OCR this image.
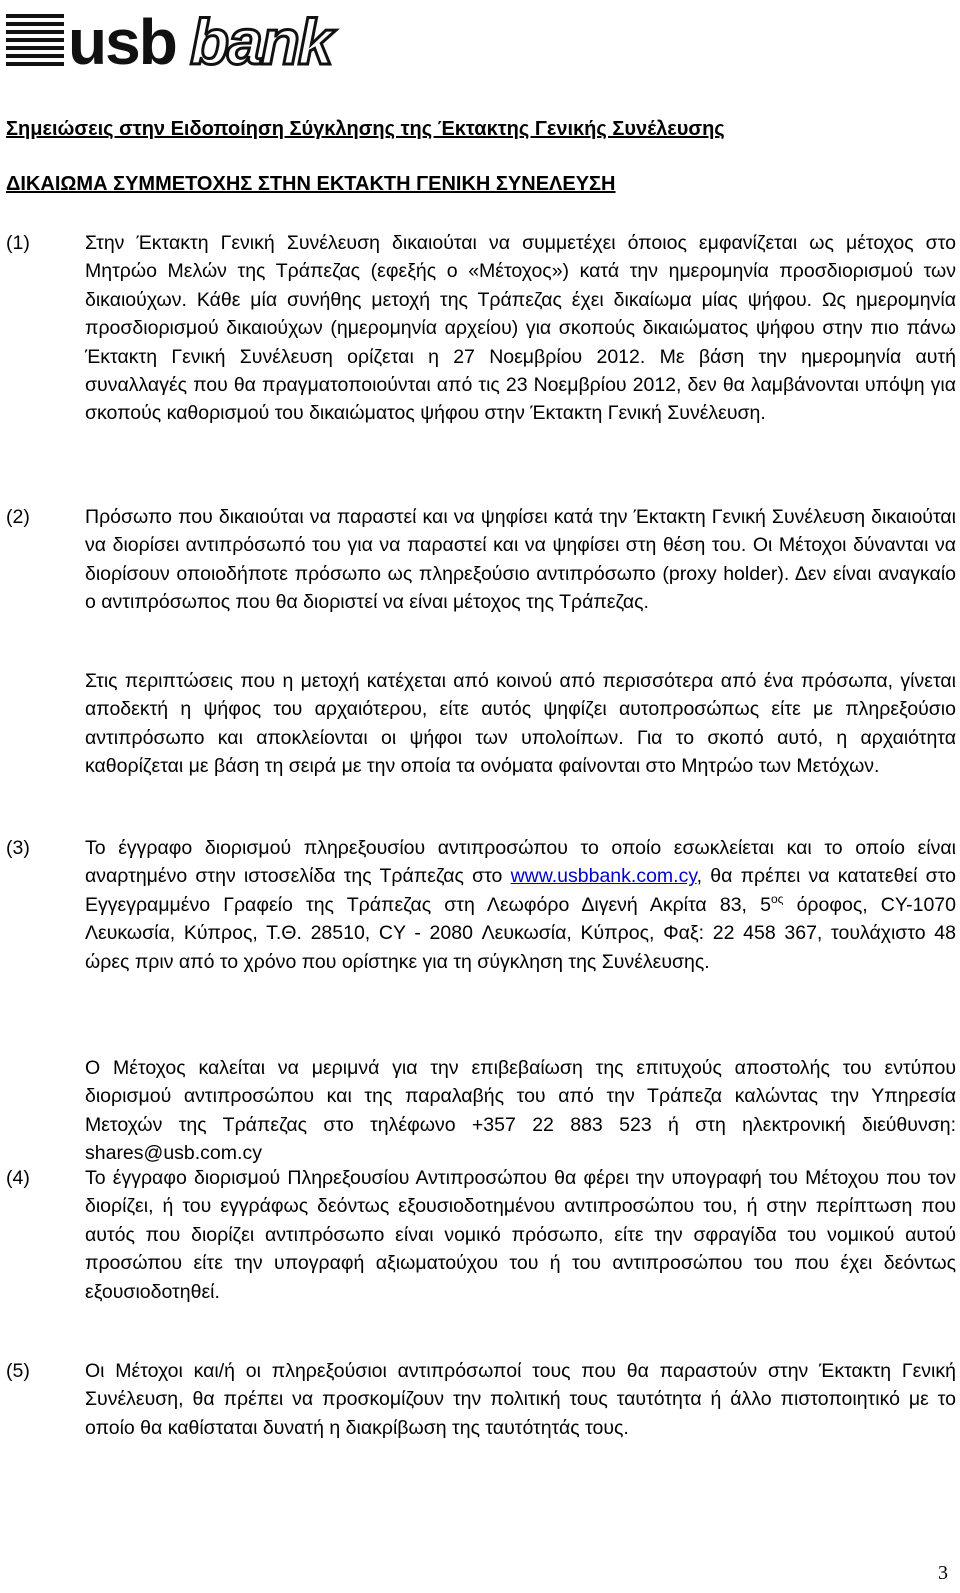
usb bank
Σημειώσεις στην Ειδοποίηση Σύγκλησης της Έκτακτης Γενικής Συνέλευσης
ΔΙΚΑΙΩΜΑ ΣΥΜΜΕΤΟΧΗΣ ΣΤΗΝ ΕΚΤΑΚΤΗ ΓΕΝΙΚΗ ΣΥΝΕΛΕΥΣΗ
(1)	Στην Έκτακτη Γενική Συνέλευση δικαιούται να συμμετέχει όποιος εμφανίζεται ως μέτοχος στο Μητρώο Μελών της Τράπεζας (εφεξής ο «Μέτοχος») κατά την ημερομηνία προσδιορισμού των δικαιούχων. Κάθε μία συνήθης μετοχή της Τράπεζας έχει δικαίωμα μίας ψήφου. Ως ημερομηνία προσδιορισμού δικαιούχων (ημερομηνία αρχείου) για σκοπούς δικαιώματος ψήφου στην πιο πάνω Έκτακτη Γενική Συνέλευση ορίζεται η 27 Νοεμβρίου 2012. Με βάση την ημερομηνία αυτή συναλλαγές που θα πραγματοποιούνται από τις 23 Νοεμβρίου 2012, δεν θα λαμβάνονται υπόψη για σκοπούς καθορισμού του δικαιώματος ψήφου στην Έκτακτη Γενική Συνέλευση.
(2)	Πρόσωπο που δικαιούται να παραστεί και να ψηφίσει κατά την Έκτακτη Γενική Συνέλευση δικαιούται να διορίσει αντιπρόσωπό του για να παραστεί και να ψηφίσει στη θέση του. Οι Μέτοχοι δύνανται να διορίσουν οποιοδήποτε πρόσωπο ως πληρεξούσιο αντιπρόσωπο (proxy holder). Δεν είναι αναγκαίο ο αντιπρόσωπος που θα διοριστεί να είναι μέτοχος της Τράπεζας.
Στις περιπτώσεις που η μετοχή κατέχεται από κοινού από περισσότερα από ένα πρόσωπα, γίνεται αποδεκτή η ψήφος του αρχαιότερου, είτε αυτός ψηφίζει αυτοπροσώπως είτε με πληρεξούσιο αντιπρόσωπο και αποκλείονται οι ψήφοι των υπολοίπων. Για το σκοπό αυτό, η αρχαιότητα καθορίζεται με βάση τη σειρά με την οποία τα ονόματα φαίνονται στο Μητρώο των Μετόχων.
(3)	Το έγγραφο διορισμού πληρεξουσίου αντιπροσώπου το οποίο εσωκλείεται και το οποίο είναι αναρτημένο στην ιστοσελίδα της Τράπεζας στο www.usbbank.com.cy, θα πρέπει να κατατεθεί στο Εγγεγραμμένο Γραφείο της Τράπεζας στη Λεωφόρο Διγενή Ακρίτα 83, $5^{o\varsigma}$ όροφος, CY-1070 Λευκωσία, Κύπρος, Τ.Θ. 28510, CY - 2080 Λευκωσία, Κύπρος, Φαξ: 22 458 367, τουλάχιστο 48 ώρες πριν από το χρόνο που ορίστηκε για τη σύγκληση της Συνέλευσης.
Ο Μέτοχος καλείται να μεριμνά για την επιβεβαίωση της επιτυχούς αποστολής του εντύπου διορισμού αντιπροσώπου και της παραλαβής του από την Τράπεζα καλώντας την Υπηρεσία Μετοχών της Τράπεζας στο τηλέφωνο +357 22 883 523 ή στη ηλεκτρονική διεύθυνση: shares@usb.com.cy
(4)	Το έγγραφο διορισμού Πληρεξουσίου Αντιπροσώπου θα φέρει την υπογραφή του Μέτοχου που τον διορίζει, ή του εγγράφως δεόντως εξουσιοδοτημένου αντιπροσώπου του, ή στην περίπτωση που αυτός που διορίζει αντιπρόσωπο είναι νομικό πρόσωπο, είτε την σφραγίδα του νομικού αυτού προσώπου είτε την υπογραφή αξιωματούχου του ή του αντιπροσώπου του που έχει δεόντως εξουσιοδοτηθεί.
(5)	Οι Μέτοχοι και/ή οι πληρεξούσιοι αντιπρόσωποί τους που θα παραστούν στην Έκτακτη Γενική Συνέλευση, θα πρέπει να προσκομίζουν την πολιτική τους ταυτότητα ή άλλο πιστοποιητικό με το οποίο θα καθίσταται δυνατή η διακρίβωση της ταυτότητάς τους.
3
